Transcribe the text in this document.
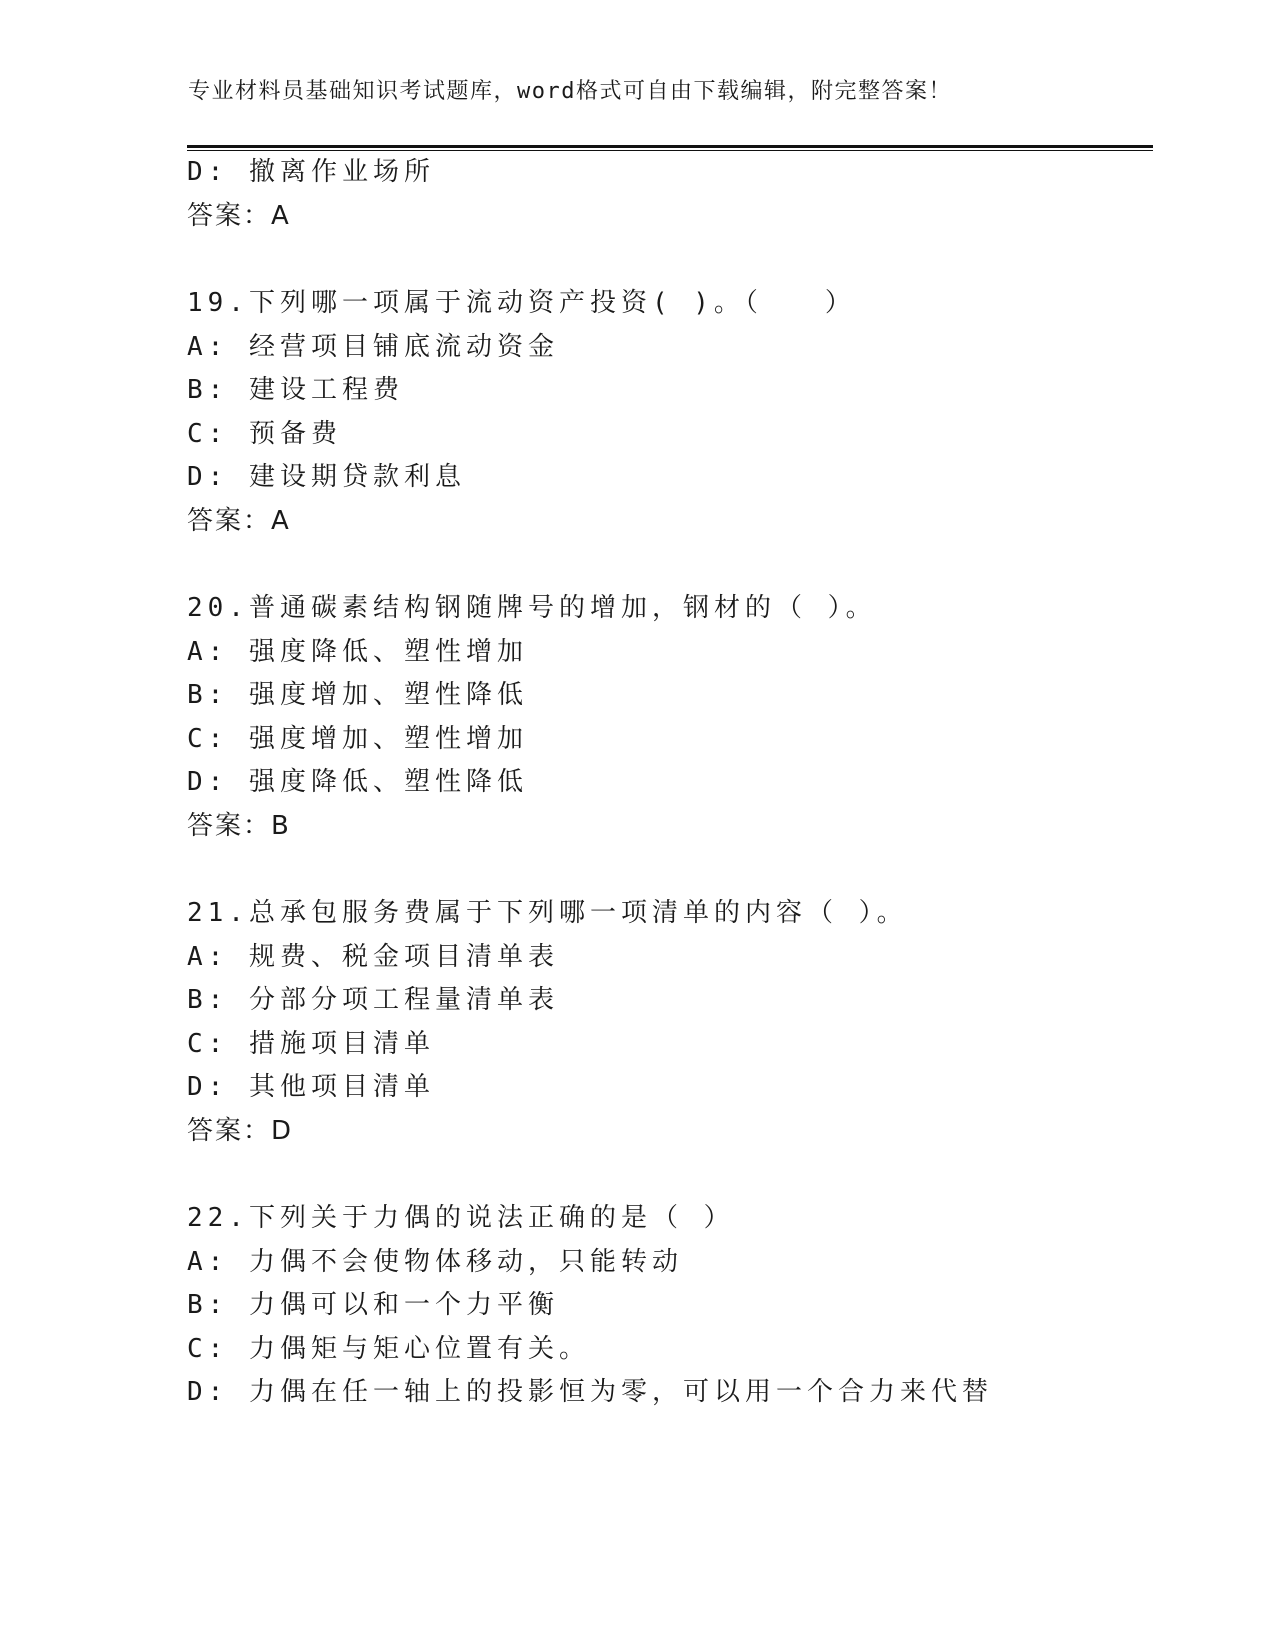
专业材料员基础知识考试题库，word格式可自由下载编辑，附完整答案！
D: 撤离作业场所
答案：A
19.下列哪一项属于流动资产投资( )。（　　）
A: 经营项目铺底流动资金
B: 建设工程费
C: 预备费
D: 建设期贷款利息
答案：A
20.普通碳素结构钢随牌号的增加，钢材的（ ）。
A: 强度降低、塑性增加
B: 强度增加、塑性降低
C: 强度增加、塑性增加
D: 强度降低、塑性降低
答案：B
21.总承包服务费属于下列哪一项清单的内容（ ）。
A: 规费、税金项目清单表
B: 分部分项工程量清单表
C: 措施项目清单
D: 其他项目清单
答案：D
22.下列关于力偶的说法正确的是（ ）
A: 力偶不会使物体移动，只能转动
B: 力偶可以和一个力平衡
C: 力偶矩与矩心位置有关。
D: 力偶在任一轴上的投影恒为零，可以用一个合力来代替
